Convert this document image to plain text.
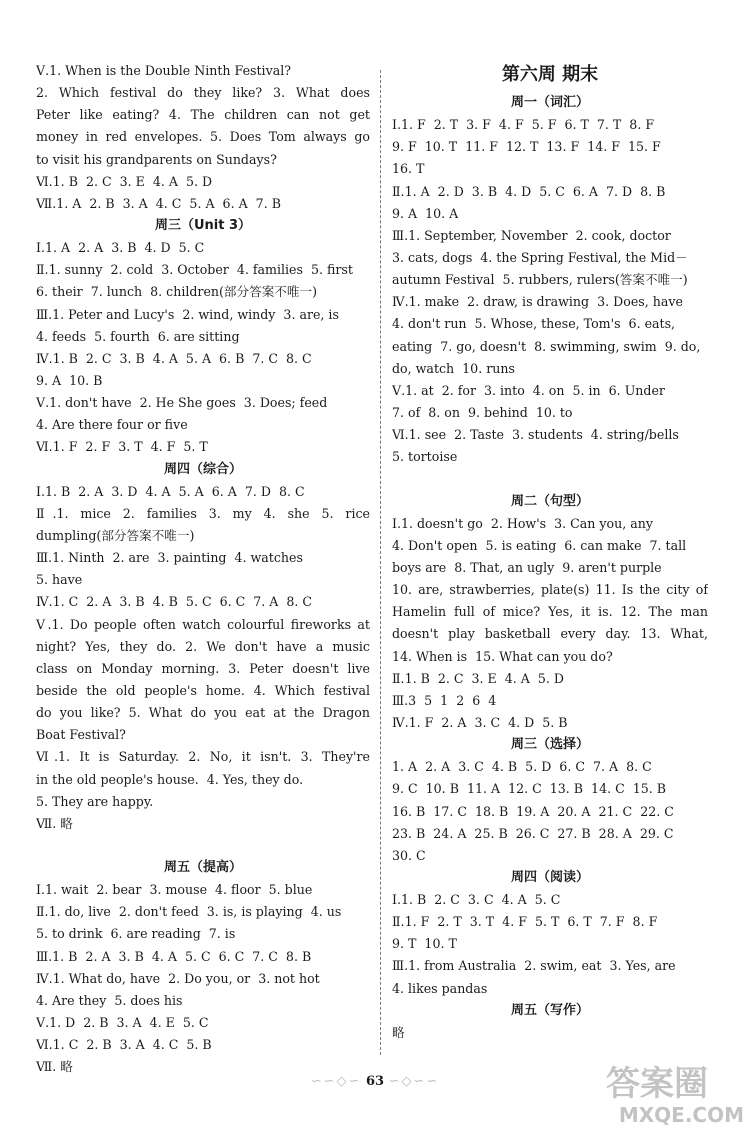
Ⅴ.1. When is the Double Ninth Festival?
2. Which festival do they like? 3. What does
Peter like eating? 4. The children can not get
money in red envelopes. 5. Does Tom always go
to visit his grandparents on Sundays?
Ⅵ.1. B  2. C  3. E  4. A  5. D
Ⅶ.1. A  2. B  3. A  4. C  5. A  6. A  7. B
周三（Unit 3）
Ⅰ.1. A  2. A  3. B  4. D  5. C
Ⅱ.1. sunny  2. cold  3. October  4. families  5. first
6. their  7. lunch  8. children(部分答案不唯一)
Ⅲ.1. Peter and Lucy's  2. wind, windy  3. are, is
4. feeds  5. fourth  6. are sitting
Ⅳ.1. B  2. C  3. B  4. A  5. A  6. B  7. C  8. C
9. A  10. B
Ⅴ.1. don't have  2. He She goes  3. Does; feed
4. Are there four or five
Ⅵ.1. F  2. F  3. T  4. F  5. T
周四（综合）
Ⅰ.1. B  2. A  3. D  4. A  5. A  6. A  7. D  8. C
Ⅱ.1. mice 2. families 3. my 4. she 5. rice
dumpling(部分答案不唯一)
Ⅲ.1. Ninth  2. are  3. painting  4. watches
5. have
Ⅳ.1. C  2. A  3. B  4. B  5. C  6. C  7. A  8. C
Ⅴ.1. Do people often watch colourful fireworks at
night? Yes, they do. 2. We don't have a music
class on Monday morning. 3. Peter doesn't live
beside the old people's home. 4. Which festival
do you like? 5. What do you eat at the Dragon
Boat Festival?
Ⅵ.1. It is Saturday. 2. No, it isn't. 3. They're
in the old people's house.  4. Yes, they do.
5. They are happy.
Ⅶ. 略
周五（提高）
Ⅰ.1. wait  2. bear  3. mouse  4. floor  5. blue
Ⅱ.1. do, live  2. don't feed  3. is, is playing  4. us
5. to drink  6. are reading  7. is
Ⅲ.1. B  2. A  3. B  4. A  5. C  6. C  7. C  8. B
Ⅳ.1. What do, have  2. Do you, or  3. not hot
4. Are they  5. does his
Ⅴ.1. D  2. B  3. A  4. E  5. C
Ⅵ.1. C  2. B  3. A  4. C  5. B
Ⅶ. 略
第六周 期末
周一（词汇）
Ⅰ.1. F  2. T  3. F  4. F  5. F  6. T  7. T  8. F
9. F  10. T  11. F  12. T  13. F  14. F  15. F
16. T
Ⅱ.1. A  2. D  3. B  4. D  5. C  6. A  7. D  8. B
9. A  10. A
Ⅲ.1. September, November  2. cook, doctor
3. cats, dogs  4. the Spring Festival, the Mid－
autumn Festival  5. rubbers, rulers(答案不唯一)
Ⅳ.1. make  2. draw, is drawing  3. Does, have
4. don't run  5. Whose, these, Tom's  6. eats,
eating  7. go, doesn't  8. swimming, swim  9. do,
do, watch  10. runs
Ⅴ.1. at  2. for  3. into  4. on  5. in  6. Under
7. of  8. on  9. behind  10. to
Ⅵ.1. see  2. Taste  3. students  4. string/bells
5. tortoise
周二（句型）
Ⅰ.1. doesn't go  2. How's  3. Can you, any
4. Don't open  5. is eating  6. can make  7. tall
boys are  8. That, an ugly  9. aren't purple
10. are, strawberries, plate(s) 11. Is the city of
Hamelin full of mice? Yes, it is. 12. The man
doesn't play basketball every day. 13. What,
14. When is  15. What can you do?
Ⅱ.1. B  2. C  3. E  4. A  5. D
Ⅲ.3  5  1  2  6  4
Ⅳ.1. F  2. A  3. C  4. D  5. B
周三（选择）
1. A  2. A  3. C  4. B  5. D  6. C  7. A  8. C
9. C  10. B  11. A  12. C  13. B  14. C  15. B
16. B  17. C  18. B  19. A  20. A  21. C  22. C
23. B  24. A  25. B  26. C  27. B  28. A  29. C
30. C
周四（阅读）
Ⅰ.1. B  2. C  3. C  4. A  5. C
Ⅱ.1. F  2. T  3. T  4. F  5. T  6. T  7. F  8. F
9. T  10. T
Ⅲ.1. from Australia  2. swim, eat  3. Yes, are
4. likes pandas
周五（写作）
略
∽∽◇∽ 63 ∽◇∽∽	答案圈
MXQE.COM
